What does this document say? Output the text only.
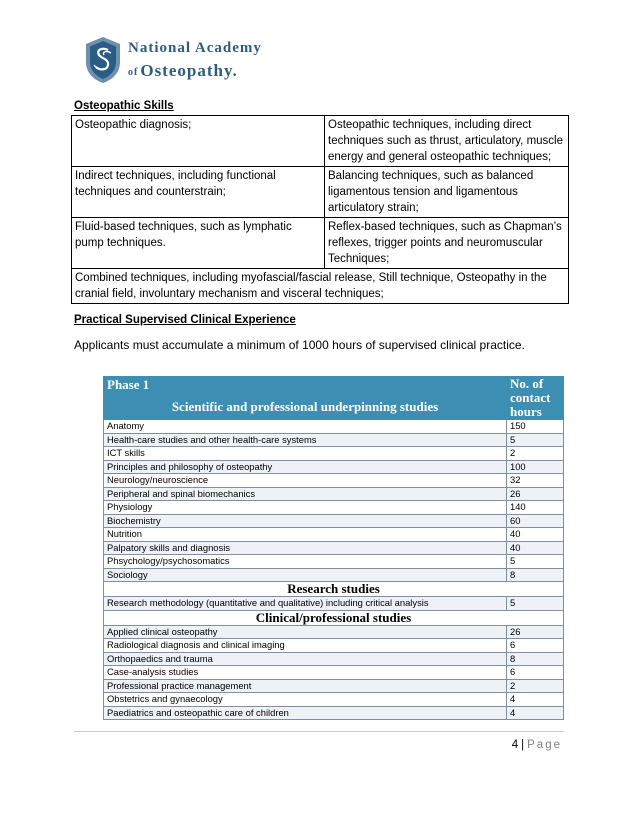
National Academy
of Osteopathy.
Osteopathic Skills
Osteopathic diagnosis;	Osteopathic techniques, including direct techniques such as thrust, articulatory, muscle energy and general osteopathic techniques;
Indirect techniques, including functional techniques and counterstrain;	Balancing techniques, such as balanced ligamentous tension and ligamentous articulatory strain;
Fluid-based techniques, such as lymphatic pump techniques.	Reflex-based techniques, such as Chapman’s reflexes, trigger points and neuromuscular Techniques;
Combined techniques, including myofascial/fascial release, Still technique, Osteopathy in the cranial field, involuntary mechanism and visceral techniques;	
Practical Supervised Clinical Experience
Applicants must accumulate a minimum of 1000 hours of supervised clinical practice.
Phase 1
Scientific and professional underpinning studies	No. of contact hours
Anatomy	150
Health-care studies and other health-care systems	5
ICT skills	2
Principles and philosophy of osteopathy	100
Neurology/neuroscience	32
Peripheral and spinal biomechanics	26
Physiology	140
Biochemistry	60
Nutrition	40
Palpatory skills and diagnosis	40
Phsychology/psychosomatics	5
Sociology	8
Research studies	
Research methodology (quantitative and qualitative) including critical analysis	5
Clinical/professional studies	
Applied clinical osteopathy	26
Radiological diagnosis and clinical imaging	6
Orthopaedics and trauma	8
Case-analysis studies	6
Professional practice management	2
Obstetrics and gynaecology	4
Paediatrics and osteopathic care of children	4
4 | Page
